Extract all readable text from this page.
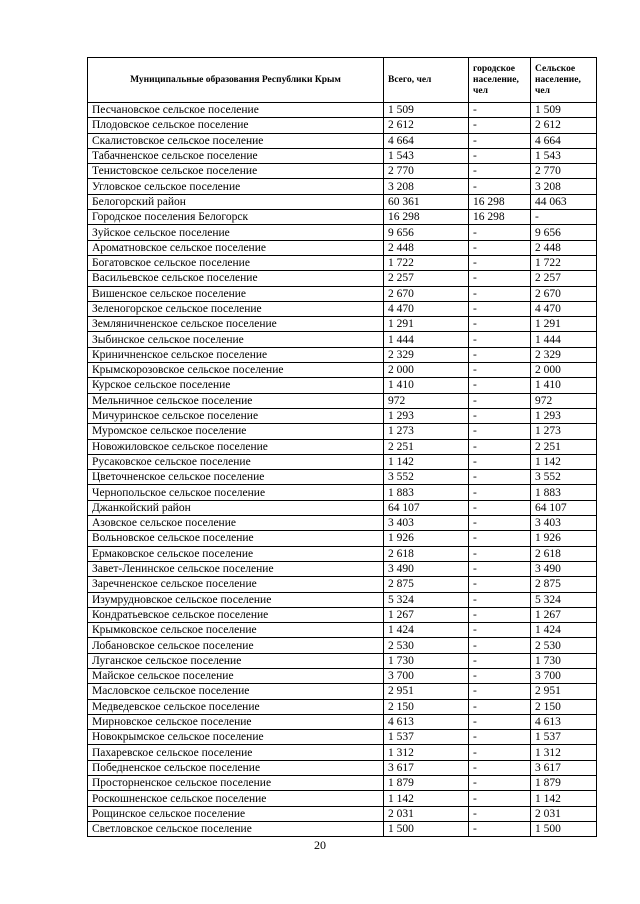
Муниципальные образования Республики Крым	Всего, чел	городское население, чел	Сельское население, чел
Песчановское сельское поселение	1 509	-	1 509
Плодовское сельское поселение	2 612	-	2 612
Скалистовское сельское поселение	4 664	-	4 664
Табачненское сельское поселение	1 543	-	1 543
Тенистовское сельское поселение	2 770	-	2 770
Угловское сельское поселение	3 208	-	3 208
Белогорский район	60 361	16 298	44 063
Городское поселения Белогорск	16 298	16 298	-
Зуйское сельское поселение	9 656	-	9 656
Ароматновское сельское поселение	2 448	-	2 448
Богатовское сельское поселение	1 722	-	1 722
Васильевское сельское поселение	2 257	-	2 257
Вишенское сельское поселение	2 670	-	2 670
Зеленогорское сельское поселение	4 470	-	4 470
Земляничненское сельское поселение	1 291	-	1 291
Зыбинское сельское поселение	1 444	-	1 444
Криничненское сельское поселение	2 329	-	2 329
Крымскорозовское сельское поселение	2 000	-	2 000
Курское сельское поселение	1 410	-	1 410
Мельничное сельское поселение	972	-	972
Мичуринское сельское поселение	1 293	-	1 293
Муромское сельское поселение	1 273	-	1 273
Новожиловское сельское поселение	2 251	-	2 251
Русаковское сельское поселение	1 142	-	1 142
Цветочненское сельское поселение	3 552	-	3 552
Чернопольское сельское поселение	1 883	-	1 883
Джанкойский район	64 107	-	64 107
Азовское сельское поселение	3 403	-	3 403
Вольновское сельское поселение	1 926	-	1 926
Ермаковское сельское поселение	2 618	-	2 618
Завет-Ленинское сельское поселение	3 490	-	3 490
Заречненское сельское поселение	2 875	-	2 875
Изумрудновское сельское поселение	5 324	-	5 324
Кондратьевское сельское поселение	1 267	-	1 267
Крымковское сельское поселение	1 424	-	1 424
Лобановское сельское поселение	2 530	-	2 530
Луганское сельское поселение	1 730	-	1 730
Майское сельское поселение	3 700	-	3 700
Масловское сельское поселение	2 951	-	2 951
Медведевское сельское поселение	2 150	-	2 150
Мирновское сельское поселение	4 613	-	4 613
Новокрымское сельское поселение	1 537	-	1 537
Пахаревское сельское поселение	1 312	-	1 312
Победненское сельское поселение	3 617	-	3 617
Просторненское сельское поселение	1 879	-	1 879
Роскошненское сельское поселение	1 142	-	1 142
Рощинское сельское поселение	2 031	-	2 031
Светловское сельское поселение	1 500	-	1 500
20
